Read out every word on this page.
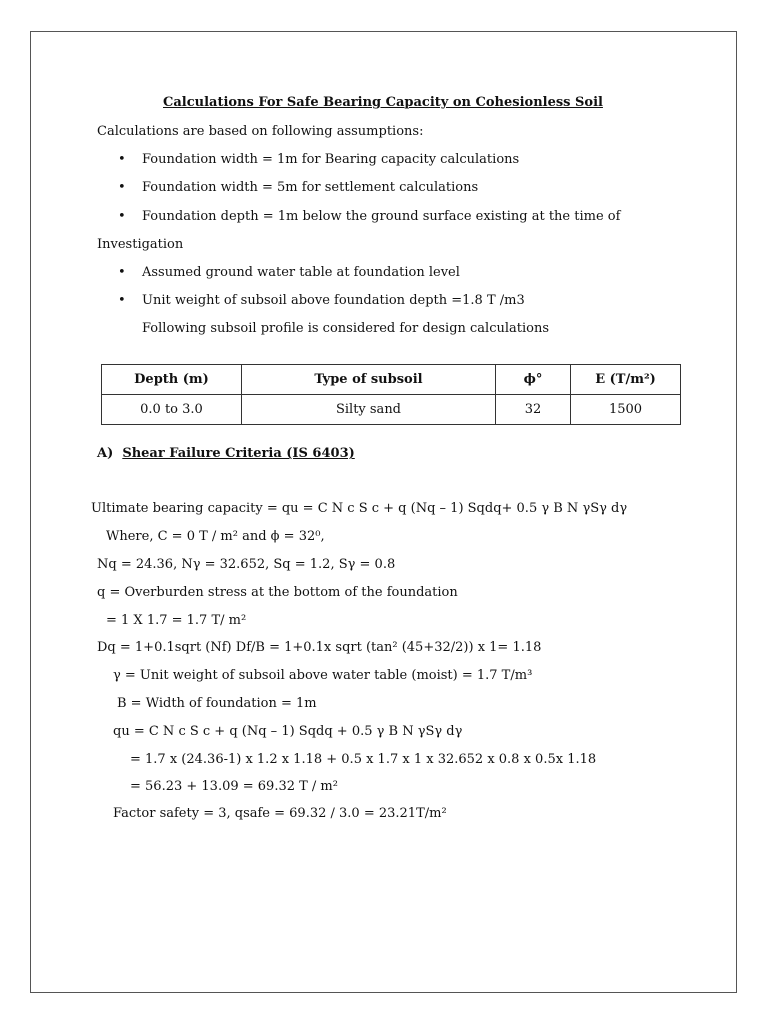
Calculations For Safe Bearing Capacity on Cohesionless Soil
Calculations are based on following assumptions:
• Foundation width = 1m for Bearing capacity calculations
• Foundation width = 5m for settlement calculations
• Foundation depth = 1m below the ground surface existing at the time of
Investigation
• Assumed ground water table at foundation level
• Unit weight of subsoil above foundation depth =1.8 T /m3
Following subsoil profile is considered for design calculations
Depth (m)	Type of subsoil	ϕ°	E (T/m²)
0.0 to 3.0	Silty sand	32	1500
A) Shear Failure Criteria (IS 6403)
Ultimate bearing capacity = qu = C N c S c + q (Nq – 1) Sqdq+ 0.5 γ B N γSγ dγ
Where, C = 0 T / m² and ϕ = 32⁰,
Nq = 24.36, Nγ = 32.652, Sq = 1.2, Sγ = 0.8
q = Overburden stress at the bottom of the foundation
= 1 X 1.7 = 1.7 T/ m²
Dq = 1+0.1sqrt (Nf) Df/B = 1+0.1x sqrt (tan² (45+32/2)) x 1= 1.18
γ = Unit weight of subsoil above water table (moist) = 1.7 T/m³
B = Width of foundation = 1m
qu = C N c S c + q (Nq – 1) Sqdq + 0.5 γ B N γSγ dγ
= 1.7 x (24.36-1) x 1.2 x 1.18 + 0.5 x 1.7 x 1 x 32.652 x 0.8 x 0.5x 1.18
= 56.23 + 13.09 = 69.32 T / m²
Factor safety = 3, qsafe = 69.32 / 3.0 = 23.21T/m²
